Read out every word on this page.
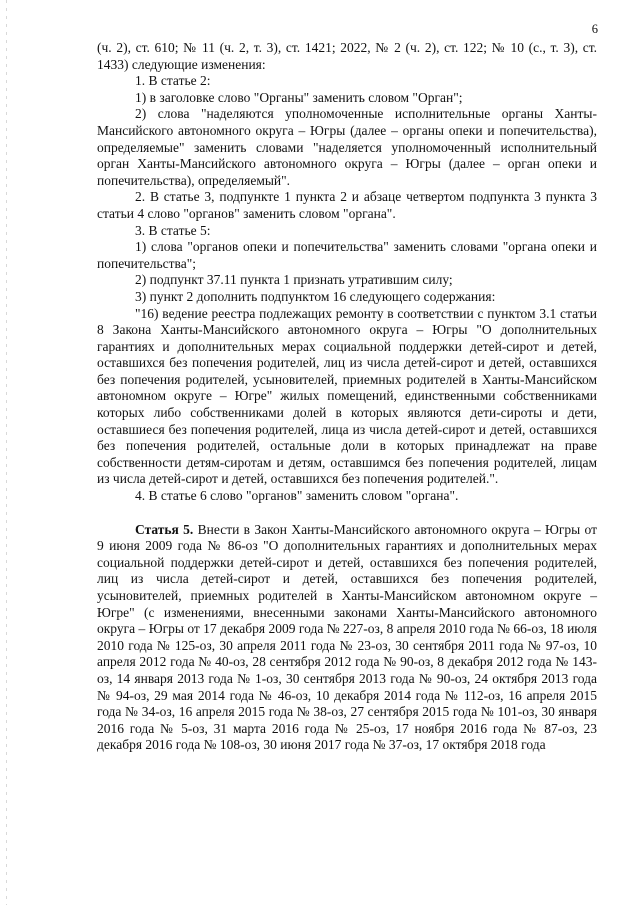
6

(ч. 2), ст. 610; № 11 (ч. 2, т. 3), ст. 1421; 2022, № 2 (ч. 2), ст. 122; № 10 (с., т. 3), ст. 1433) следующие изменения:

1. В статье 2:

1) в заголовке слово "Органы" заменить словом "Орган";

2) слова "наделяются уполномоченные исполнительные органы Ханты-Мансийского автономного округа – Югры (далее – органы опеки и попечительства), определяемые" заменить словами "наделяется уполномоченный исполнительный орган Ханты-Мансийского автономного округа – Югры (далее – орган опеки и попечительства), определяемый".

2. В статье 3, подпункте 1 пункта 2 и абзаце четвертом подпункта 3 пункта 3 статьи 4 слово "органов" заменить словом "органа".

3. В статье 5:

1) слова "органов опеки и попечительства" заменить словами "органа опеки и попечительства";

2) подпункт 37.11 пункта 1 признать утратившим силу;

3) пункт 2 дополнить подпунктом 16 следующего содержания:

"16) ведение реестра подлежащих ремонту в соответствии с пунктом 3.1 статьи 8 Закона Ханты-Мансийского автономного округа – Югры "О дополнительных гарантиях и дополнительных мерах социальной поддержки детей-сирот и детей, оставшихся без попечения родителей, лиц из числа детей-сирот и детей, оставшихся без попечения родителей, усыновителей, приемных родителей в Ханты-Мансийском автономном округе – Югре" жилых помещений, единственными собственниками которых либо собственниками долей в которых являются дети-сироты и дети, оставшиеся без попечения родителей, лица из числа детей-сирот и детей, оставшихся без попечения родителей, остальные доли в которых принадлежат на праве собственности детям-сиротам и детям, оставшимся без попечения родителей, лицам из числа детей-сирот и детей, оставшихся без попечения родителей.".

4. В статье 6 слово "органов" заменить словом "органа".

Статья 5. Внести в Закон Ханты-Мансийского автономного округа – Югры от 9 июня 2009 года № 86-оз "О дополнительных гарантиях и дополнительных мерах социальной поддержки детей-сирот и детей, оставшихся без попечения родителей, лиц из числа детей-сирот и детей, оставшихся без попечения родителей, усыновителей, приемных родителей в Ханты-Мансийском автономном округе – Югре" (с изменениями, внесенными законами Ханты-Мансийского автономного округа – Югры от 17 декабря 2009 года № 227-оз, 8 апреля 2010 года № 66-оз, 18 июля 2010 года № 125-оз, 30 апреля 2011 года № 23-оз, 30 сентября 2011 года № 97-оз, 10 апреля 2012 года № 40-оз, 28 сентября 2012 года № 90-оз, 8 декабря 2012 года № 143-оз, 14 января 2013 года № 1-оз, 30 сентября 2013 года № 90-оз, 24 октября 2013 года № 94-оз, 29 мая 2014 года № 46-оз, 10 декабря 2014 года № 112-оз, 16 апреля 2015 года № 34-оз, 16 апреля 2015 года № 38-оз, 27 сентября 2015 года № 101-оз, 30 января 2016 года № 5-оз, 31 марта 2016 года № 25-оз, 17 ноября 2016 года № 87-оз, 23 декабря 2016 года № 108-оз, 30 июня 2017 года № 37-оз, 17 октября 2018 года
